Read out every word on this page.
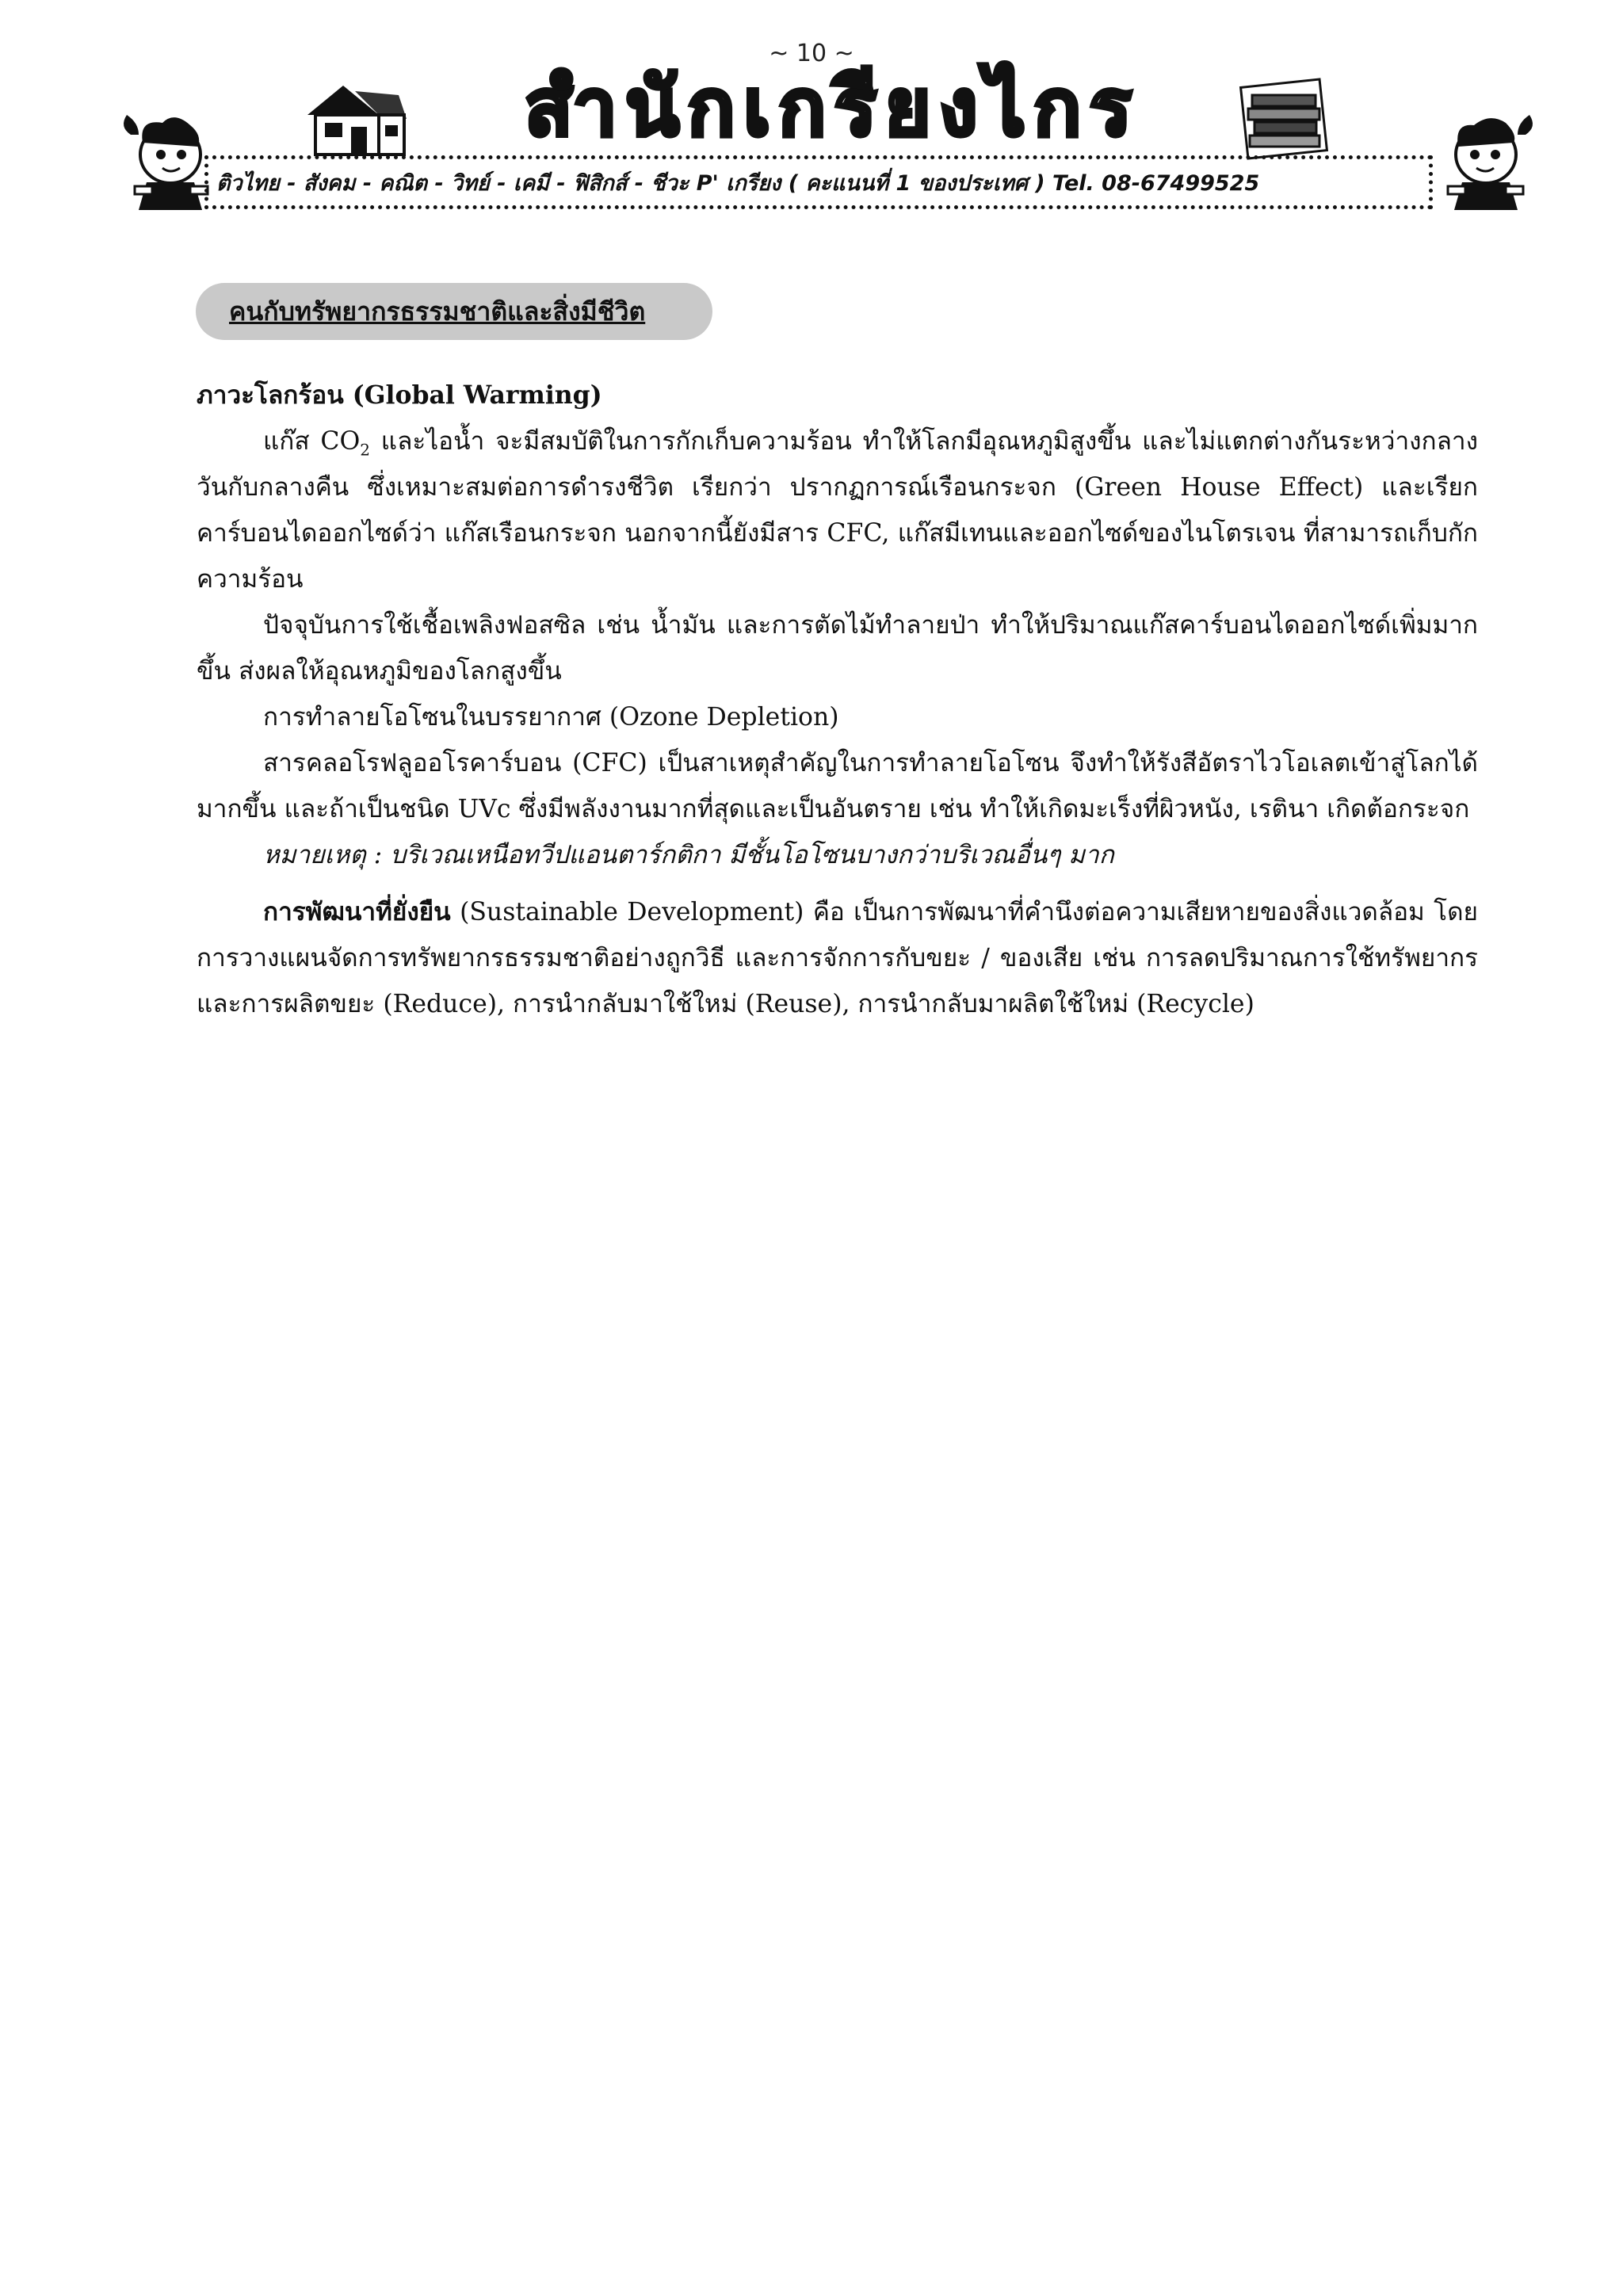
~ 10 ~
สำนักเกรียงไกร
ติวไทย - สังคม - คณิต - วิทย์ - เคมี - ฟิสิกส์ - ชีวะ P' เกรียง ( คะแนนที่ 1 ของประเทศ ) Tel. 08-67499525
คนกับทรัพยากรธรรมชาติและสิ่งมีชีวิต

ภาวะโลกร้อน (Global Warming)

แก๊ส $CO_2$ และไอน้ำ จะมีสมบัติในการกักเก็บความร้อน ทำให้โลกมีอุณหภูมิสูงขึ้น และไม่แตกต่างกันระหว่างกลางวันกับกลางคืน ซึ่งเหมาะสมต่อการดำรงชีวิต เรียกว่า ปรากฏการณ์เรือนกระจก (Green House Effect) และเรียกคาร์บอนไดออกไซด์ว่า แก๊สเรือนกระจก นอกจากนี้ยังมีสาร CFC, แก๊สมีเทนและออกไซด์ของไนโตรเจน ที่สามารถเก็บกักความร้อน

ปัจจุบันการใช้เชื้อเพลิงฟอสซิล เช่น น้ำมัน และการตัดไม้ทำลายป่า ทำให้ปริมาณแก๊สคาร์บอนไดออกไซด์เพิ่มมากขึ้น ส่งผลให้อุณหภูมิของโลกสูงขึ้น

การทำลายโอโซนในบรรยากาศ (Ozone Depletion)

สารคลอโรฟลูออโรคาร์บอน (CFC) เป็นสาเหตุสำคัญในการทำลายโอโซน จึงทำให้รังสีอัตราไวโอเลตเข้าสู่โลกได้มากขึ้น และถ้าเป็นชนิด UVc ซึ่งมีพลังงานมากที่สุดและเป็นอันตราย เช่น ทำให้เกิดมะเร็งที่ผิวหนัง, เรตินา เกิดต้อกระจก

หมายเหตุ : บริเวณเหนือทวีปแอนตาร์กติกา มีชั้นโอโซนบางกว่าบริเวณอื่นๆ มาก

การพัฒนาที่ยั่งยืน (Sustainable Development) คือ เป็นการพัฒนาที่คำนึงต่อความเสียหายของสิ่งแวดล้อม โดยการวางแผนจัดการทรัพยากรธรรมชาติอย่างถูกวิธี และการจักการกับขยะ / ของเสีย เช่น การลดปริมาณการใช้ทรัพยากรและการผลิตขยะ (Reduce), การนำกลับมาใช้ใหม่ (Reuse), การนำกลับมาผลิตใช้ใหม่ (Recycle)
